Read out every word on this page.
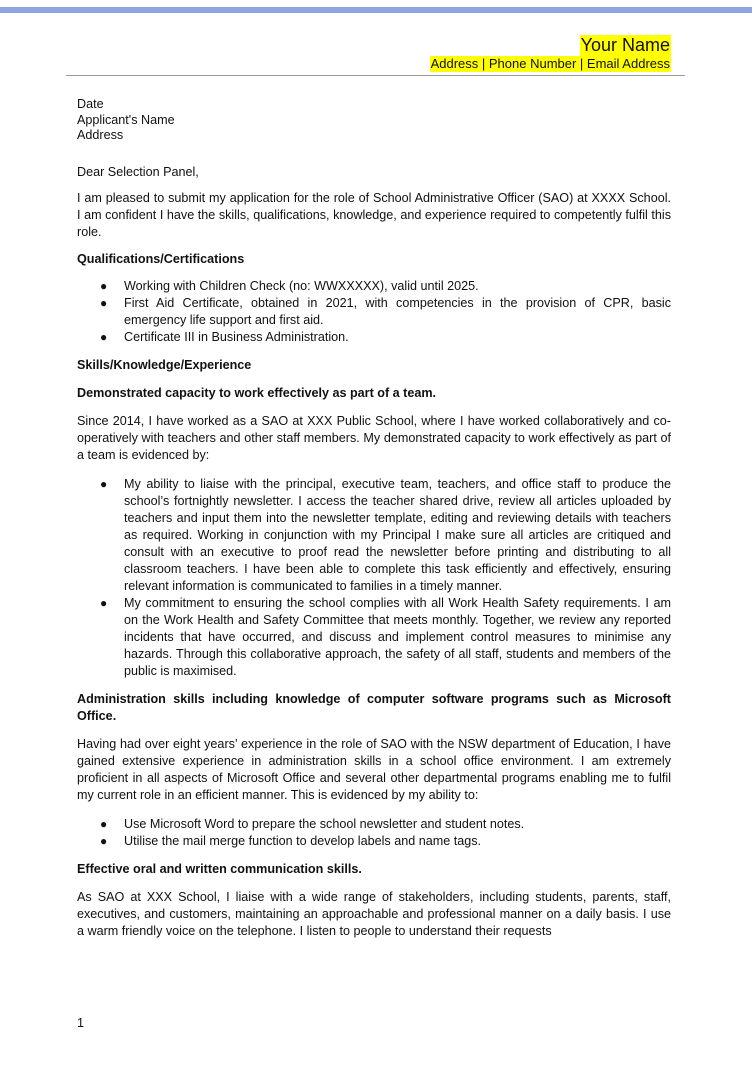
Your Name
Address | Phone Number | Email Address
Date
Applicant's Name
Address

Dear Selection Panel,

I am pleased to submit my application for the role of School Administrative Officer (SAO) at XXXX School. I am confident I have the skills, qualifications, knowledge, and experience required to competently fulfil this role.

Qualifications/Certifications

● Working with Children Check (no: WWXXXXX), valid until 2025.
● First Aid Certificate, obtained in 2021, with competencies in the provision of CPR, basic emergency life support and first aid.
● Certificate III in Business Administration.

Skills/Knowledge/Experience

Demonstrated capacity to work effectively as part of a team.

Since 2014, I have worked as a SAO at XXX Public School, where I have worked collaboratively and co-operatively with teachers and other staff members. My demonstrated capacity to work effectively as part of a team is evidenced by:

● My ability to liaise with the principal, executive team, teachers, and office staff to produce the school’s fortnightly newsletter. I access the teacher shared drive, review all articles uploaded by teachers and input them into the newsletter template, editing and reviewing details with teachers as required. Working in conjunction with my Principal I make sure all articles are critiqued and consult with an executive to proof read the newsletter before printing and distributing to all classroom teachers. I have been able to complete this task efficiently and effectively, ensuring relevant information is communicated to families in a timely manner.
● My commitment to ensuring the school complies with all Work Health Safety requirements. I am on the Work Health and Safety Committee that meets monthly. Together, we review any reported incidents that have occurred, and discuss and implement control measures to minimise any hazards. Through this collaborative approach, the safety of all staff, students and members of the public is maximised.

Administration skills including knowledge of computer software programs such as Microsoft Office.

Having had over eight years’ experience in the role of SAO with the NSW department of Education, I have gained extensive experience in administration skills in a school office environment. I am extremely proficient in all aspects of Microsoft Office and several other departmental programs enabling me to fulfil my current role in an efficient manner. This is evidenced by my ability to:

● Use Microsoft Word to prepare the school newsletter and student notes.
● Utilise the mail merge function to develop labels and name tags.

Effective oral and written communication skills.

As SAO at XXX School, I liaise with a wide range of stakeholders, including students, parents, staff, executives, and customers, maintaining an approachable and professional manner on a daily basis. I use a warm friendly voice on the telephone. I listen to people to understand their requests

1
